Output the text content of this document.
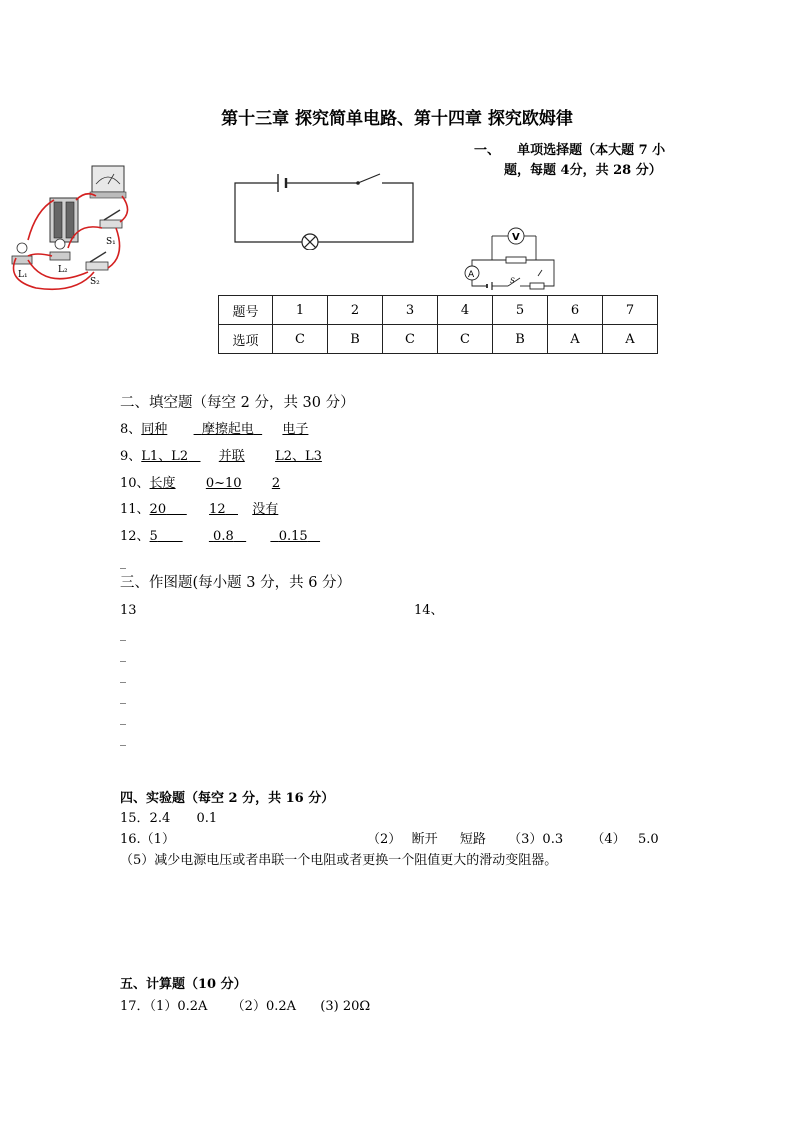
第十三章 探究简单电路、第十四章 探究欧姆律
一、 单项选择题（本大题 7 小
题，每题 4分，共 28 分）
S₁
S₂
L₁	L₂
V
A
S
题号	1	2	3	4	5	6	7
选项	C	B	C	C	B	A	A
二、填空题（每空 2 分，共 30 分）
8、同种	摩擦起电 电子
9、L1、L2 并联 L2、L3
10、长度 0~10 2
11、20	12 没有
12、5	0.8	0.15
_
三、作图题(每小题 3 分，共 6 分）
13	14、
_
_
_
_
_
_
四、实验题（每空 2 分，共 16 分）
15．2.4 0.1
16.（1）	（2） 断开 短路 （3）0.3 （4） 5.0
（5）减少电源电压或者串联一个电阻或者更换一个阻值更大的滑动变阻器。
五、计算题（10 分）
17．（1）0.2A （2）0.2A (3) 20Ω
